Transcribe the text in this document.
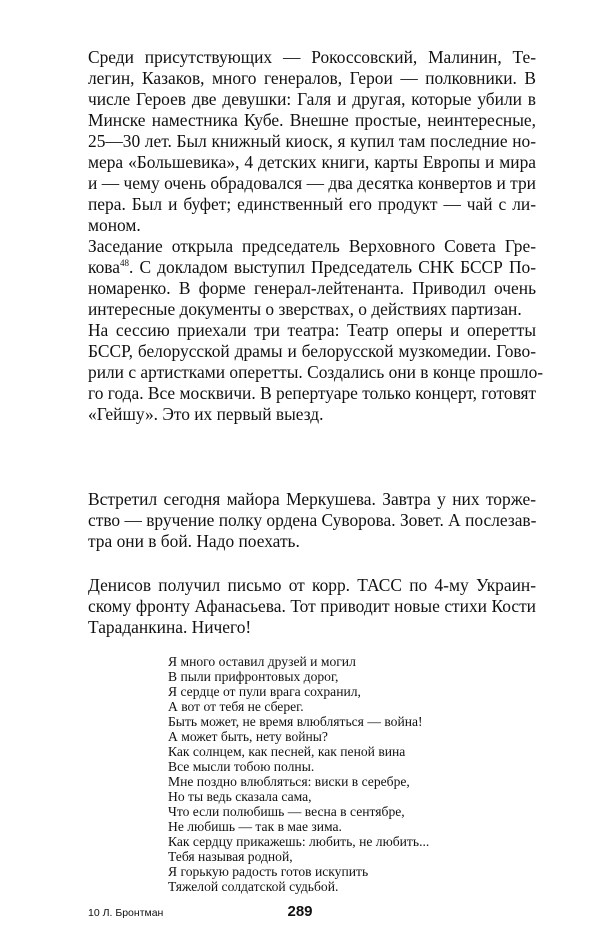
Среди присутствующих — Рокоссовский, Малинин, Те-

легин, Казаков, много генералов, Герои — полковники. В

числе Героев две девушки: Галя и другая, которые убили в

Минске наместника Кубе. Внешне простые, неинтересные,

25—30 лет. Был книжный киоск, я купил там последние но-

мера «Большевика», 4 детских книги, карты Европы и мира

и — чему очень обрадовался — два десятка конвертов и три

пера. Был и буфет; единственный его продукт — чай с ли-

моном.

Заседание открыла председатель Верховного Совета Гре-

кова$^{48}$. С докладом выступил Председатель СНК БССР По-

номаренко. В форме генерал-лейтенанта. Приводил очень

интересные документы о зверствах, о действиях партизан.

На сессию приехали три театра: Театр оперы и оперетты

БССР, белорусской драмы и белорусской музкомедии. Гово-

рили с артистками оперетты. Создались они в конце прошло-

го года. Все москвичи. В репертуаре только концерт, готовят

«Гейшу». Это их первый выезд.

Встретил сегодня майора Меркушева. Завтра у них торже-

ство — вручение полку ордена Суворова. Зовет. А послезав-

тра они в бой. Надо поехать.

Денисов получил письмо от корр. ТАСС по 4-му Украин-

скому фронту Афанасьева. Тот приводит новые стихи Кости

Тараданкина. Ничего!

Я много оставил друзей и могил

В пыли прифронтовых дорог,

Я сердце от пули врага сохранил,

А вот от тебя не сберег.

Быть может, не время влюбляться — война!

А может быть, нету войны?

Как солнцем, как песней, как пеной вина

Все мысли тобою полны.

Мне поздно влюбляться: виски в серебре,

Но ты ведь сказала сама,

Что если полюбишь — весна в сентябре,

Не любишь — так в мае зима.

Как сердцу прикажешь: любить, не любить...

Тебя называя родной,

Я горькую радость готов искупить

Тяжелой солдатской судьбой.

10 Л. Бронтман	289
